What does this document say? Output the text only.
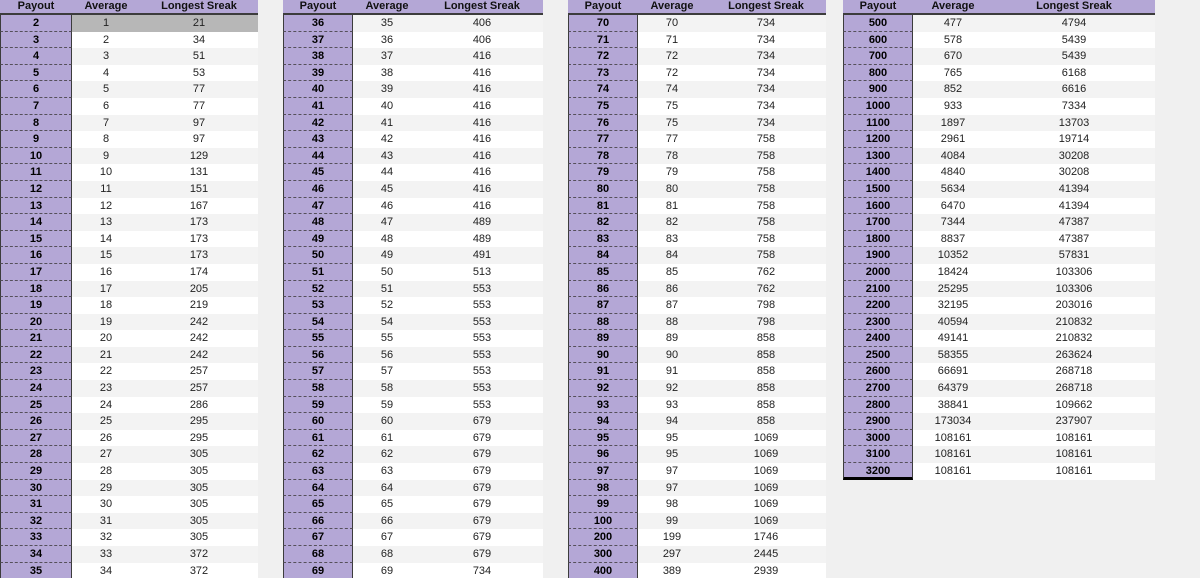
Payout	Average	Longest Sreak
2	1	21
3	2	34
4	3	51
5	4	53
6	5	77
7	6	77
8	7	97
9	8	97
10	9	129
11	10	131
12	11	151
13	12	167
14	13	173
15	14	173
16	15	173
17	16	174
18	17	205
19	18	219
20	19	242
21	20	242
22	21	242
23	22	257
24	23	257
25	24	286
26	25	295
27	26	295
28	27	305
29	28	305
30	29	305
31	30	305
32	31	305
33	32	305
34	33	372
35	34	372
Payout	Average	Longest Sreak
36	35	406
37	36	406
38	37	416
39	38	416
40	39	416
41	40	416
42	41	416
43	42	416
44	43	416
45	44	416
46	45	416
47	46	416
48	47	489
49	48	489
50	49	491
51	50	513
52	51	553
53	52	553
54	54	553
55	55	553
56	56	553
57	57	553
58	58	553
59	59	553
60	60	679
61	61	679
62	62	679
63	63	679
64	64	679
65	65	679
66	66	679
67	67	679
68	68	679
69	69	734
Payout	Average	Longest Sreak
70	70	734
71	71	734
72	72	734
73	72	734
74	74	734
75	75	734
76	75	734
77	77	758
78	78	758
79	79	758
80	80	758
81	81	758
82	82	758
83	83	758
84	84	758
85	85	762
86	86	762
87	87	798
88	88	798
89	89	858
90	90	858
91	91	858
92	92	858
93	93	858
94	94	858
95	95	1069
96	95	1069
97	97	1069
98	97	1069
99	98	1069
100	99	1069
200	199	1746
300	297	2445
400	389	2939
Payout	Average	Longest Sreak
500	477	4794
600	578	5439
700	670	5439
800	765	6168
900	852	6616
1000	933	7334
1100	1897	13703
1200	2961	19714
1300	4084	30208
1400	4840	30208
1500	5634	41394
1600	6470	41394
1700	7344	47387
1800	8837	47387
1900	10352	57831
2000	18424	103306
2100	25295	103306
2200	32195	203016
2300	40594	210832
2400	49141	210832
2500	58355	263624
2600	66691	268718
2700	64379	268718
2800	38841	109662
2900	173034	237907
3000	108161	108161
3100	108161	108161
3200	108161	108161
